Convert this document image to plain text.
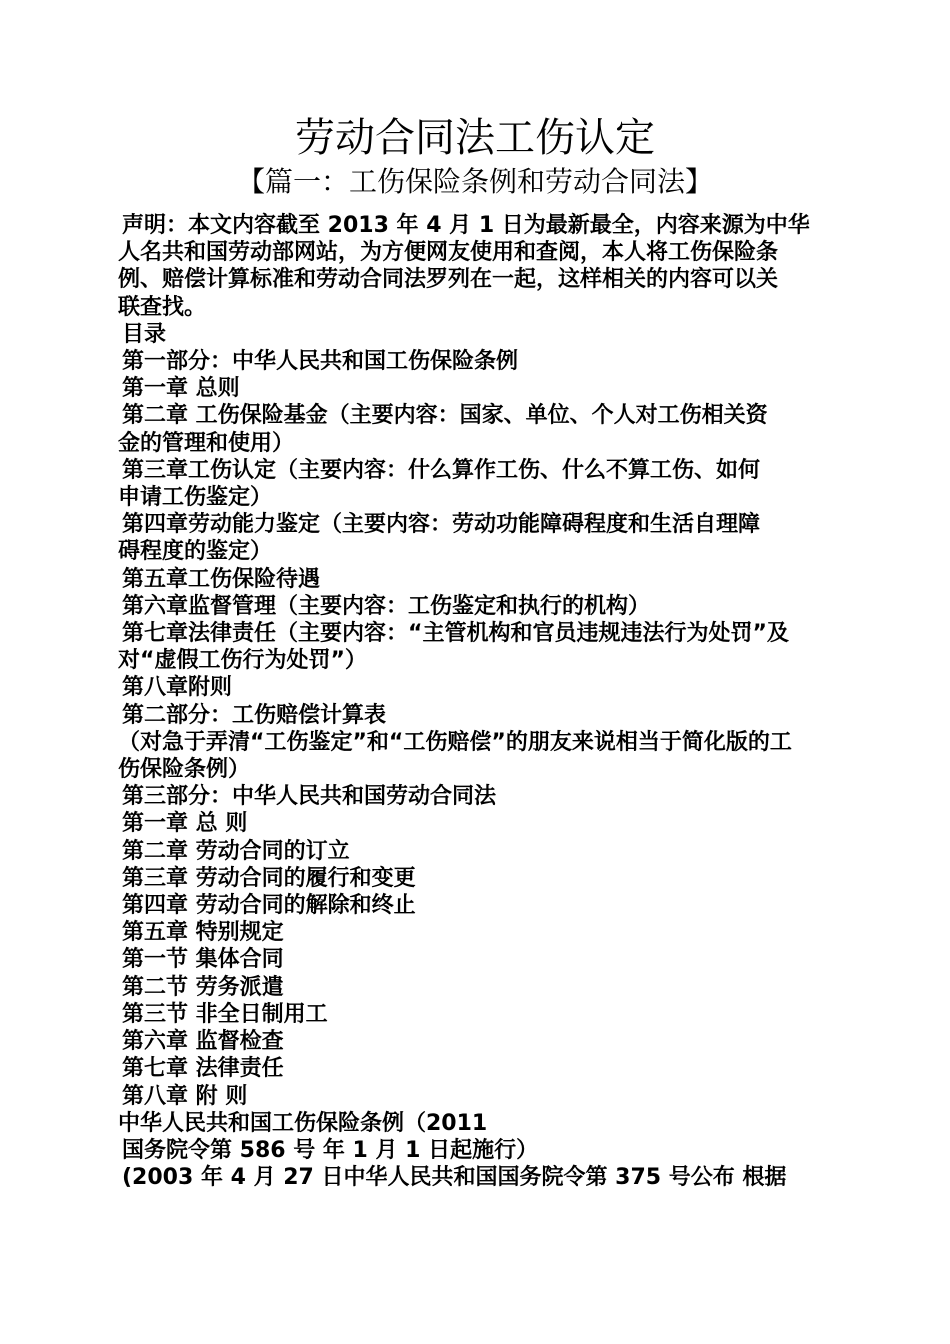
劳动合同法工伤认定
【篇一：工伤保险条例和劳动合同法】
声明：本文内容截至 2013 年 4 月 1 日为最新最全，内容来源为中华
人名共和国劳动部网站，为方便网友使用和查阅，本人将工伤保险条
例、赔偿计算标准和劳动合同法罗列在一起，这样相关的内容可以关
联查找。
目录
第一部分：中华人民共和国工伤保险条例
第一章 总则
第二章 工伤保险基金（主要内容：国家、单位、个人对工伤相关资
金的管理和使用）
第三章工伤认定（主要内容：什么算作工伤、什么不算工伤、如何
申请工伤鉴定）
第四章劳动能力鉴定（主要内容：劳动功能障碍程度和生活自理障
碍程度的鉴定）
第五章工伤保险待遇
第六章监督管理（主要内容：工伤鉴定和执行的机构）
第七章法律责任（主要内容：“主管机构和官员违规违法行为处罚”及
对“虚假工伤行为处罚”）
第八章附则
第二部分：工伤赔偿计算表
（对急于弄清“工伤鉴定”和“工伤赔偿”的朋友来说相当于简化版的工
伤保险条例）
第三部分：中华人民共和国劳动合同法
第一章 总 则
第二章 劳动合同的订立
第三章 劳动合同的履行和变更
第四章 劳动合同的解除和终止
第五章 特别规定
第一节 集体合同
第二节 劳务派遣
第三节 非全日制用工
第六章 监督检查
第七章 法律责任
第八章 附 则
中华人民共和国工伤保险条例（2011
国务院令第 586 号 年 1 月 1 日起施行）
(2003 年 4 月 27 日中华人民共和国国务院令第 375 号公布 根据
